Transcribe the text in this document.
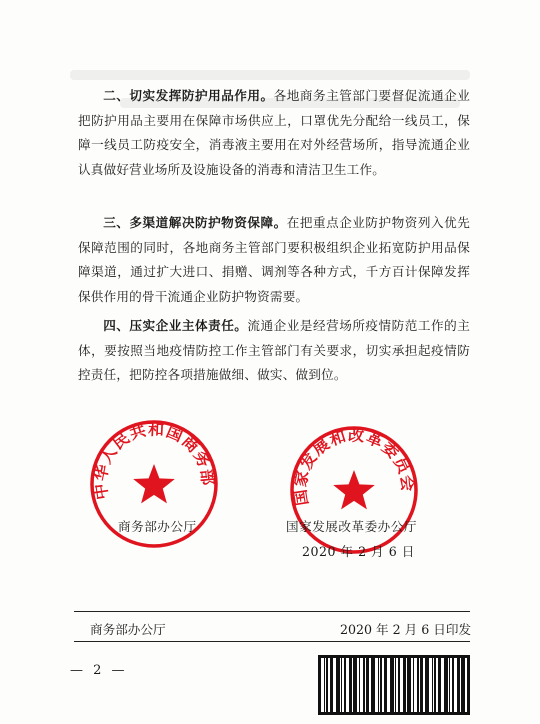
二、切实发挥防护用品作用。各地商务主管部门要督促流通企业把防护用品主要用在保障市场供应上，口罩优先分配给一线员工，保障一线员工防疫安全，消毒液主要用在对外经营场所，指导流通企业认真做好营业场所及设施设备的消毒和清洁卫生工作。
三、多渠道解决防护物资保障。在把重点企业防护物资列入优先保障范围的同时，各地商务主管部门要积极组织企业拓宽防护用品保障渠道，通过扩大进口、捐赠、调剂等各种方式，千方百计保障发挥保供作用的骨干流通企业防护物资需要。
四、压实企业主体责任。流通企业是经营场所疫情防范工作的主体，要按照当地疫情防控工作主管部门有关要求，切实承担起疫情防控责任，把防控各项措施做细、做实、做到位。
中华人民共和国商务部
国家发展和改革委员会
商务部办公厅	国家发展改革委办公厅
2020 年 2 月 6 日
商务部办公厅	2020 年 2 月 6 日印发
— 2 —
